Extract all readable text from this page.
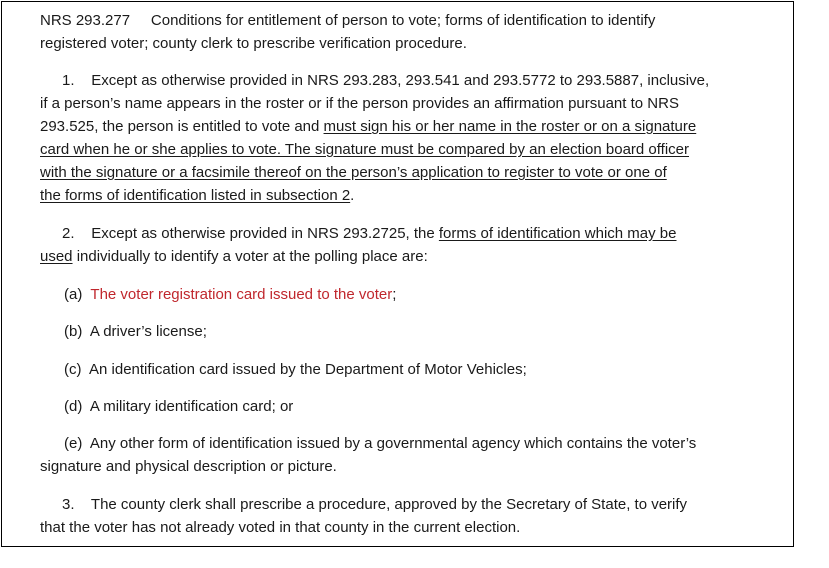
NRS 293.277 Conditions for entitlement of person to vote; forms of identification to identify
registered voter; county clerk to prescribe verification procedure.
1. Except as otherwise provided in NRS 293.283, 293.541 and 293.5772 to 293.5887, inclusive,
if a person’s name appears in the roster or if the person provides an affirmation pursuant to NRS
293.525, the person is entitled to vote and must sign his or her name in the roster or on a signature
card when he or she applies to vote. The signature must be compared by an election board officer
with the signature or a facsimile thereof on the person’s application to register to vote or one of
the forms of identification listed in subsection 2.
2. Except as otherwise provided in NRS 293.2725, the forms of identification which may be
used individually to identify a voter at the polling place are:
(a) The voter registration card issued to the voter;
(b) A driver’s license;
(c) An identification card issued by the Department of Motor Vehicles;
(d) A military identification card; or
(e) Any other form of identification issued by a governmental agency which contains the voter’s
signature and physical description or picture.
3. The county clerk shall prescribe a procedure, approved by the Secretary of State, to verify
that the voter has not already voted in that county in the current election.
